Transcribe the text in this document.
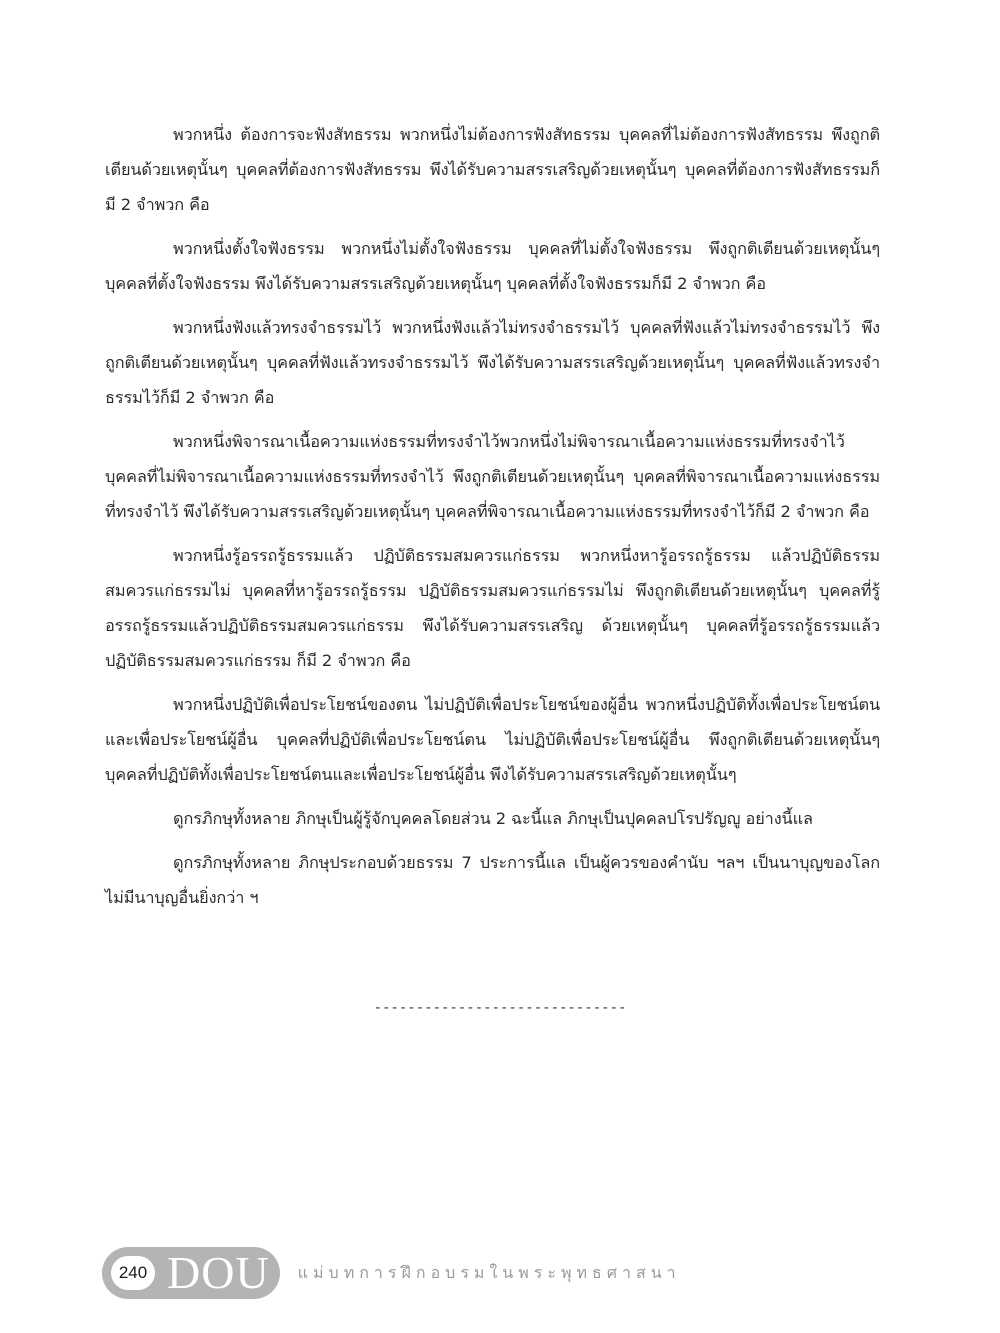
พวกหนึ่ง ต้องการจะฟังสัทธรรม พวกหนึ่งไม่ต้องการฟังสัทธรรม บุคคลที่ไม่ต้องการฟังสัทธรรม พึงถูกติเตียนด้วยเหตุนั้นๆ บุคคลที่ต้องการฟังสัทธรรม พึงได้รับความสรรเสริญด้วยเหตุนั้นๆ บุคคลที่ต้องการฟังสัทธรรมก็มี 2 จำพวก คือ

พวกหนึ่งตั้งใจฟังธรรม พวกหนึ่งไม่ตั้งใจฟังธรรม บุคคลที่ไม่ตั้งใจฟังธรรม พึงถูกติเตียนด้วยเหตุนั้นๆ บุคคลที่ตั้งใจฟังธรรม พึงได้รับความสรรเสริญด้วยเหตุนั้นๆ บุคคลที่ตั้งใจฟังธรรมก็มี 2 จำพวก คือ

พวกหนึ่งฟังแล้วทรงจำธรรมไว้ พวกหนึ่งฟังแล้วไม่ทรงจำธรรมไว้ บุคคลที่ฟังแล้วไม่ทรงจำธรรมไว้ พึงถูกติเตียนด้วยเหตุนั้นๆ บุคคลที่ฟังแล้วทรงจำธรรมไว้ พึงได้รับความสรรเสริญด้วยเหตุนั้นๆ บุคคลที่ฟังแล้วทรงจำธรรมไว้ก็มี 2 จำพวก คือ

พวกหนึ่งพิจารณาเนื้อความแห่งธรรมที่ทรงจำไว้พวกหนึ่งไม่พิจารณาเนื้อความแห่งธรรมที่ทรงจำไว้ บุคคลที่ไม่พิจารณาเนื้อความแห่งธรรมที่ทรงจำไว้ พึงถูกติเตียนด้วยเหตุนั้นๆ บุคคลที่พิจารณาเนื้อความแห่งธรรมที่ทรงจำไว้ พึงได้รับความสรรเสริญด้วยเหตุนั้นๆ บุคคลที่พิจารณาเนื้อความแห่งธรรมที่ทรงจำไว้ก็มี 2 จำพวก คือ

พวกหนึ่งรู้อรรถรู้ธรรมแล้ว ปฏิบัติธรรมสมควรแก่ธรรม พวกหนึ่งหารู้อรรถรู้ธรรม แล้วปฏิบัติธรรมสมควรแก่ธรรมไม่ บุคคลที่หารู้อรรถรู้ธรรม ปฏิบัติธรรมสมควรแก่ธรรมไม่ พึงถูกติเตียนด้วยเหตุนั้นๆ บุคคลที่รู้อรรถรู้ธรรมแล้วปฏิบัติธรรมสมควรแก่ธรรม พึงได้รับความสรรเสริญ ด้วยเหตุนั้นๆ บุคคลที่รู้อรรถรู้ธรรมแล้วปฏิบัติธรรมสมควรแก่ธรรม ก็มี 2 จำพวก คือ

พวกหนึ่งปฏิบัติเพื่อประโยชน์ของตน ไม่ปฏิบัติเพื่อประโยชน์ของผู้อื่น พวกหนึ่งปฏิบัติทั้งเพื่อประโยชน์ตนและเพื่อประโยชน์ผู้อื่น บุคคลที่ปฏิบัติเพื่อประโยชน์ตน ไม่ปฏิบัติเพื่อประโยชน์ผู้อื่น พึงถูกติเตียนด้วยเหตุนั้นๆ บุคคลที่ปฏิบัติทั้งเพื่อประโยชน์ตนและเพื่อประโยชน์ผู้อื่น พึงได้รับความสรรเสริญด้วยเหตุนั้นๆ

ดูกรภิกษุทั้งหลาย ภิกษุเป็นผู้รู้จักบุคคลโดยส่วน 2 ฉะนี้แล ภิกษุเป็นปุคคลปโรปรัญญู อย่างนี้แล

ดูกรภิกษุทั้งหลาย ภิกษุประกอบด้วยธรรม 7 ประการนี้แล เป็นผู้ควรของคำนับ ฯลฯ เป็นนาบุญของโลก ไม่มีนาบุญอื่นยิ่งกว่า ฯ

------------------------------
240 DOU แม่บทการฝึกอบรมในพระพุทธศาสนา
